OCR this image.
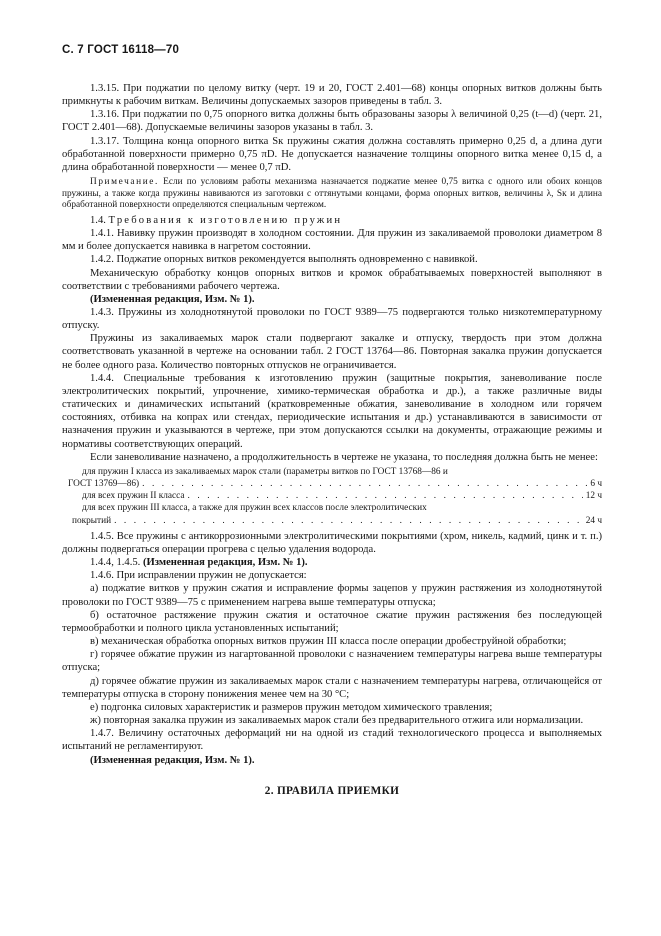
С. 7 ГОСТ 16118—70

1.3.15. При поджатии по целому витку (черт. 19 и 20, ГОСТ 2.401—68) концы опорных витков должны быть примкнуты к рабочим виткам. Величины допускаемых зазоров приведены в табл. 3.

1.3.16. При поджатии по 0,75 опорного витка должны быть образованы зазоры λ величиной 0,25 (t—d) (черт. 21, ГОСТ 2.401—68). Допускаемые величины зазоров указаны в табл. 3.

1.3.17. Толщина конца опорного витка Sк пружины сжатия должна составлять примерно 0,25 d, а длина дуги обработанной поверхности примерно 0,75 πD. Не допускается назначение толщины опорного витка менее 0,15 d, а длина обработанной поверхности — менее 0,7 πD.

Примечание. Если по условиям работы механизма назначается поджатие менее 0,75 витка с одного или обоих концов пружины, а также когда пружины навиваются из заготовки с оттянутыми концами, форма опорных витков, величины λ, Sк и длина обработанной поверхности определяются специальным чертежом.

1.4. Требования к изготовлению пружин

1.4.1. Навивку пружин производят в холодном состоянии. Для пружин из закаливаемой проволоки диаметром 8 мм и более допускается навивка в нагретом состоянии.

1.4.2. Поджатие опорных витков рекомендуется выполнять одновременно с навивкой.

Механическую обработку концов опорных витков и кромок обрабатываемых поверхностей выполняют в соответствии с требованиями рабочего чертежа.

(Измененная редакция, Изм. № 1).

1.4.3. Пружины из холоднотянутой проволоки по ГОСТ 9389—75 подвергаются только низкотемпературному отпуску.

Пружины из закаливаемых марок стали подвергают закалке и отпуску, твердость при этом должна соответствовать указанной в чертеже на основании табл. 2 ГОСТ 13764—86. Повторная закалка пружин допускается не более одного раза. Количество повторных отпусков не ограничивается.

1.4.4. Специальные требования к изготовлению пружин (защитные покрытия, заневоливание после электролитических покрытий, упрочнение, химико-термическая обработка и др.), а также различные виды статических и динамических испытаний (кратковременные обжатия, заневоливание в холодном или горячем состояниях, отбивка на копрах или стендах, периодические испытания и др.) устанавливаются в зависимости от назначения пружин и указываются в чертеже, при этом допускаются ссылки на документы, отражающие режимы и нормативы соответствующих операций.

Если заневоливание назначено, а продолжительность в чертеже не указана, то последняя должна быть не менее:

для пружин I класса из закаливаемых марок стали (параметры витков по ГОСТ 13768—86 и
ГОСТ 13769—86) . . .	6 ч
для всех пружин II класса . . .	12 ч
для всех пружин III класса, а также для пружин всех классов после электролитических
покрытий . . .	24 ч

1.4.5. Все пружины с антикоррозионными электролитическими покрытиями (хром, никель, кадмий, цинк и т. п.) должны подвергаться операции прогрева с целью удаления водорода.

1.4.4, 1.4.5. (Измененная редакция, Изм. № 1).

1.4.6. При исправлении пружин не допускается:

а) поджатие витков у пружин сжатия и исправление формы зацепов у пружин растяжения из холоднотянутой проволоки по ГОСТ 9389—75 с применением нагрева выше температуры отпуска;

б) остаточное растяжение пружин сжатия и остаточное сжатие пружин растяжения без последующей термообработки и полного цикла установленных испытаний;

в) механическая обработка опорных витков пружин III класса после операции дробеструйной обработки;

г) горячее обжатие пружин из нагартованной проволоки с назначением температуры нагрева выше температуры отпуска;

д) горячее обжатие пружин из закаливаемых марок стали с назначением температуры нагрева, отличающейся от температуры отпуска в сторону понижения менее чем на 30 °С;

е) подгонка силовых характеристик и размеров пружин методом химического травления;

ж) повторная закалка пружин из закаливаемых марок стали без предварительного отжига или нормализации.

1.4.7. Величину остаточных деформаций ни на одной из стадий технологического процесса и выполняемых испытаний не регламентируют.

(Измененная редакция, Изм. № 1).

2. ПРАВИЛА ПРИЕМКИ
